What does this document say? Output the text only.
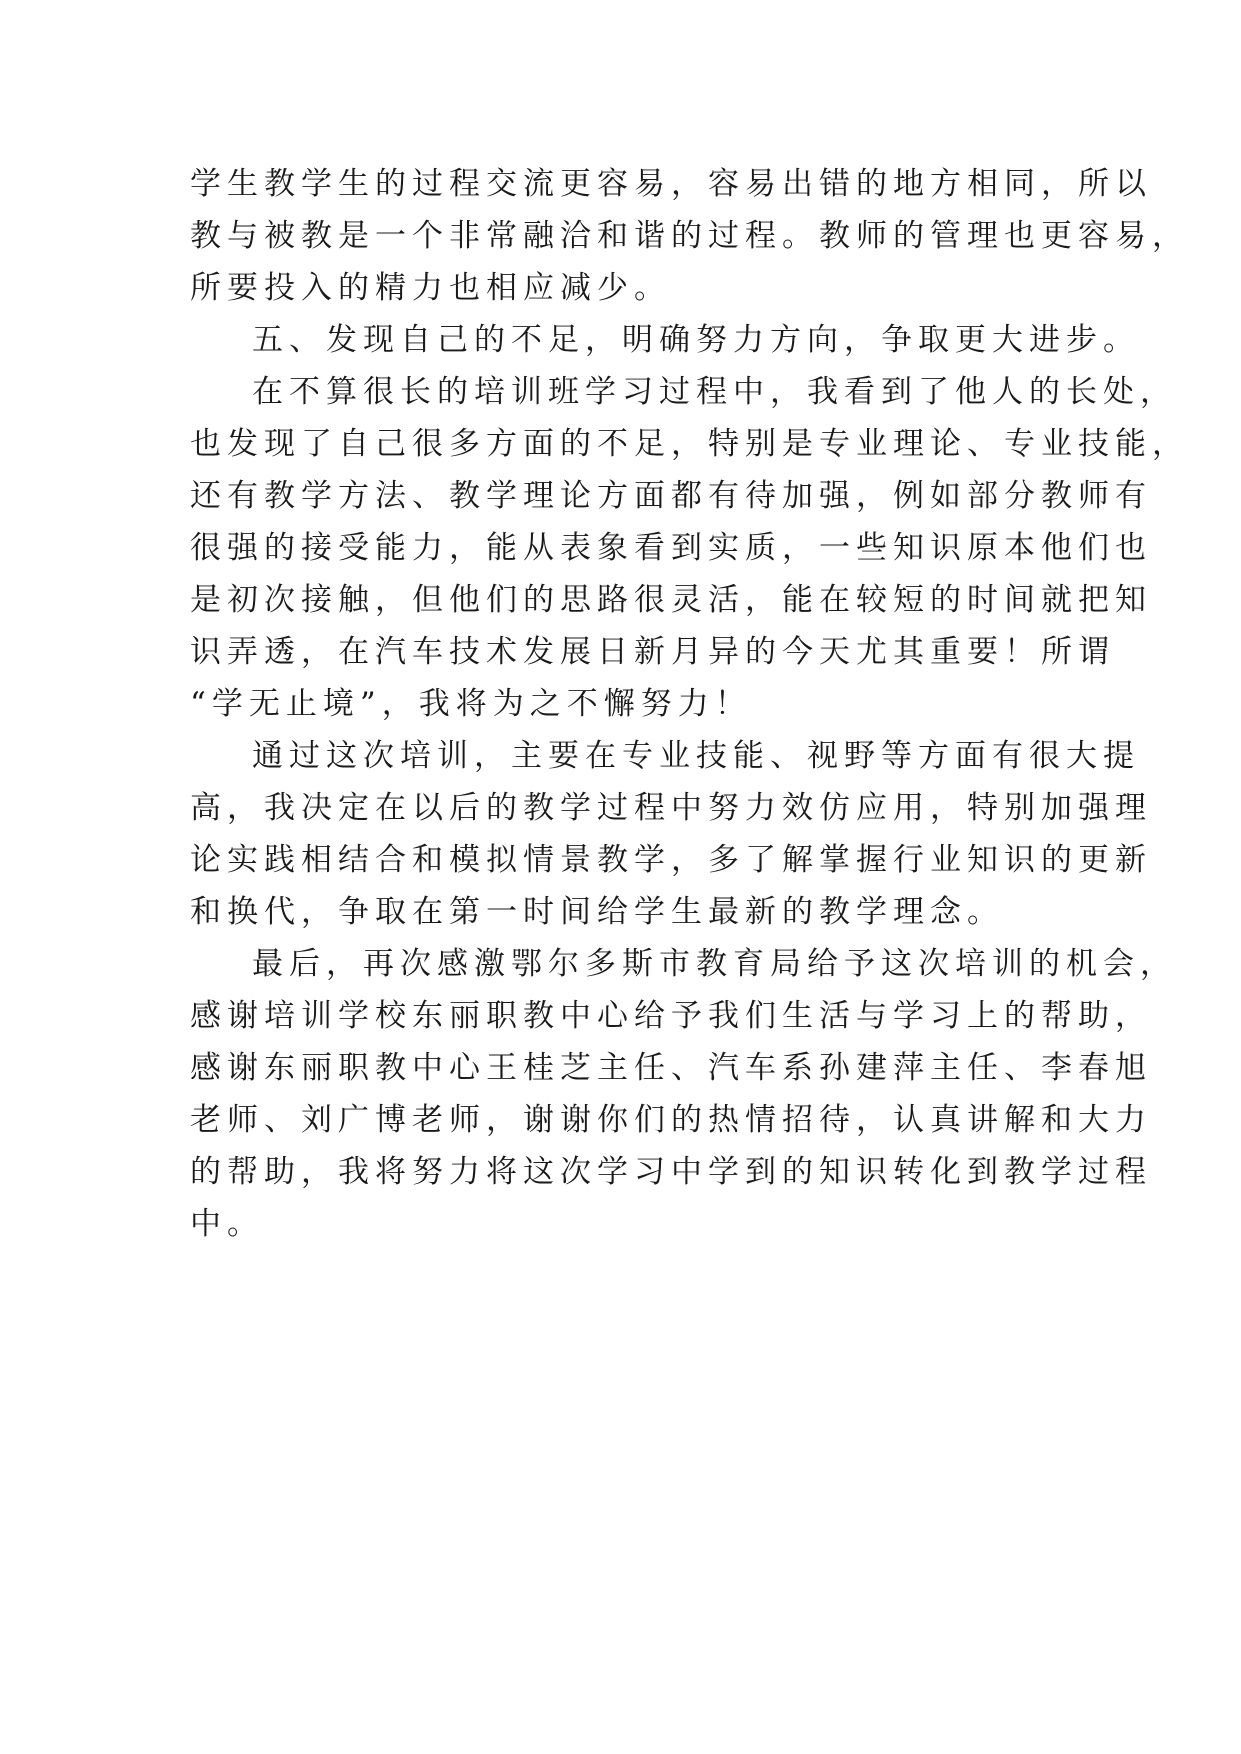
学生教学生的过程交流更容易，容易出错的地方相同，所以
教与被教是一个非常融洽和谐的过程。教师的管理也更容易，
所要投入的精力也相应减少。
五、发现自己的不足，明确努力方向，争取更大进步。
在不算很长的培训班学习过程中，我看到了他人的长处，
也发现了自己很多方面的不足，特别是专业理论、专业技能，
还有教学方法、教学理论方面都有待加强，例如部分教师有
很强的接受能力，能从表象看到实质，一些知识原本他们也
是初次接触，但他们的思路很灵活，能在较短的时间就把知
识弄透，在汽车技术发展日新月异的今天尤其重要！所谓
“学无止境”，我将为之不懈努力！
通过这次培训，主要在专业技能、视野等方面有很大提
高，我决定在以后的教学过程中努力效仿应用，特别加强理
论实践相结合和模拟情景教学，多了解掌握行业知识的更新
和换代，争取在第一时间给学生最新的教学理念。
最后，再次感激鄂尔多斯市教育局给予这次培训的机会，
感谢培训学校东丽职教中心给予我们生活与学习上的帮助，
感谢东丽职教中心王桂芝主任、汽车系孙建萍主任、李春旭
老师、刘广博老师，谢谢你们的热情招待，认真讲解和大力
的帮助，我将努力将这次学习中学到的知识转化到教学过程
中。
